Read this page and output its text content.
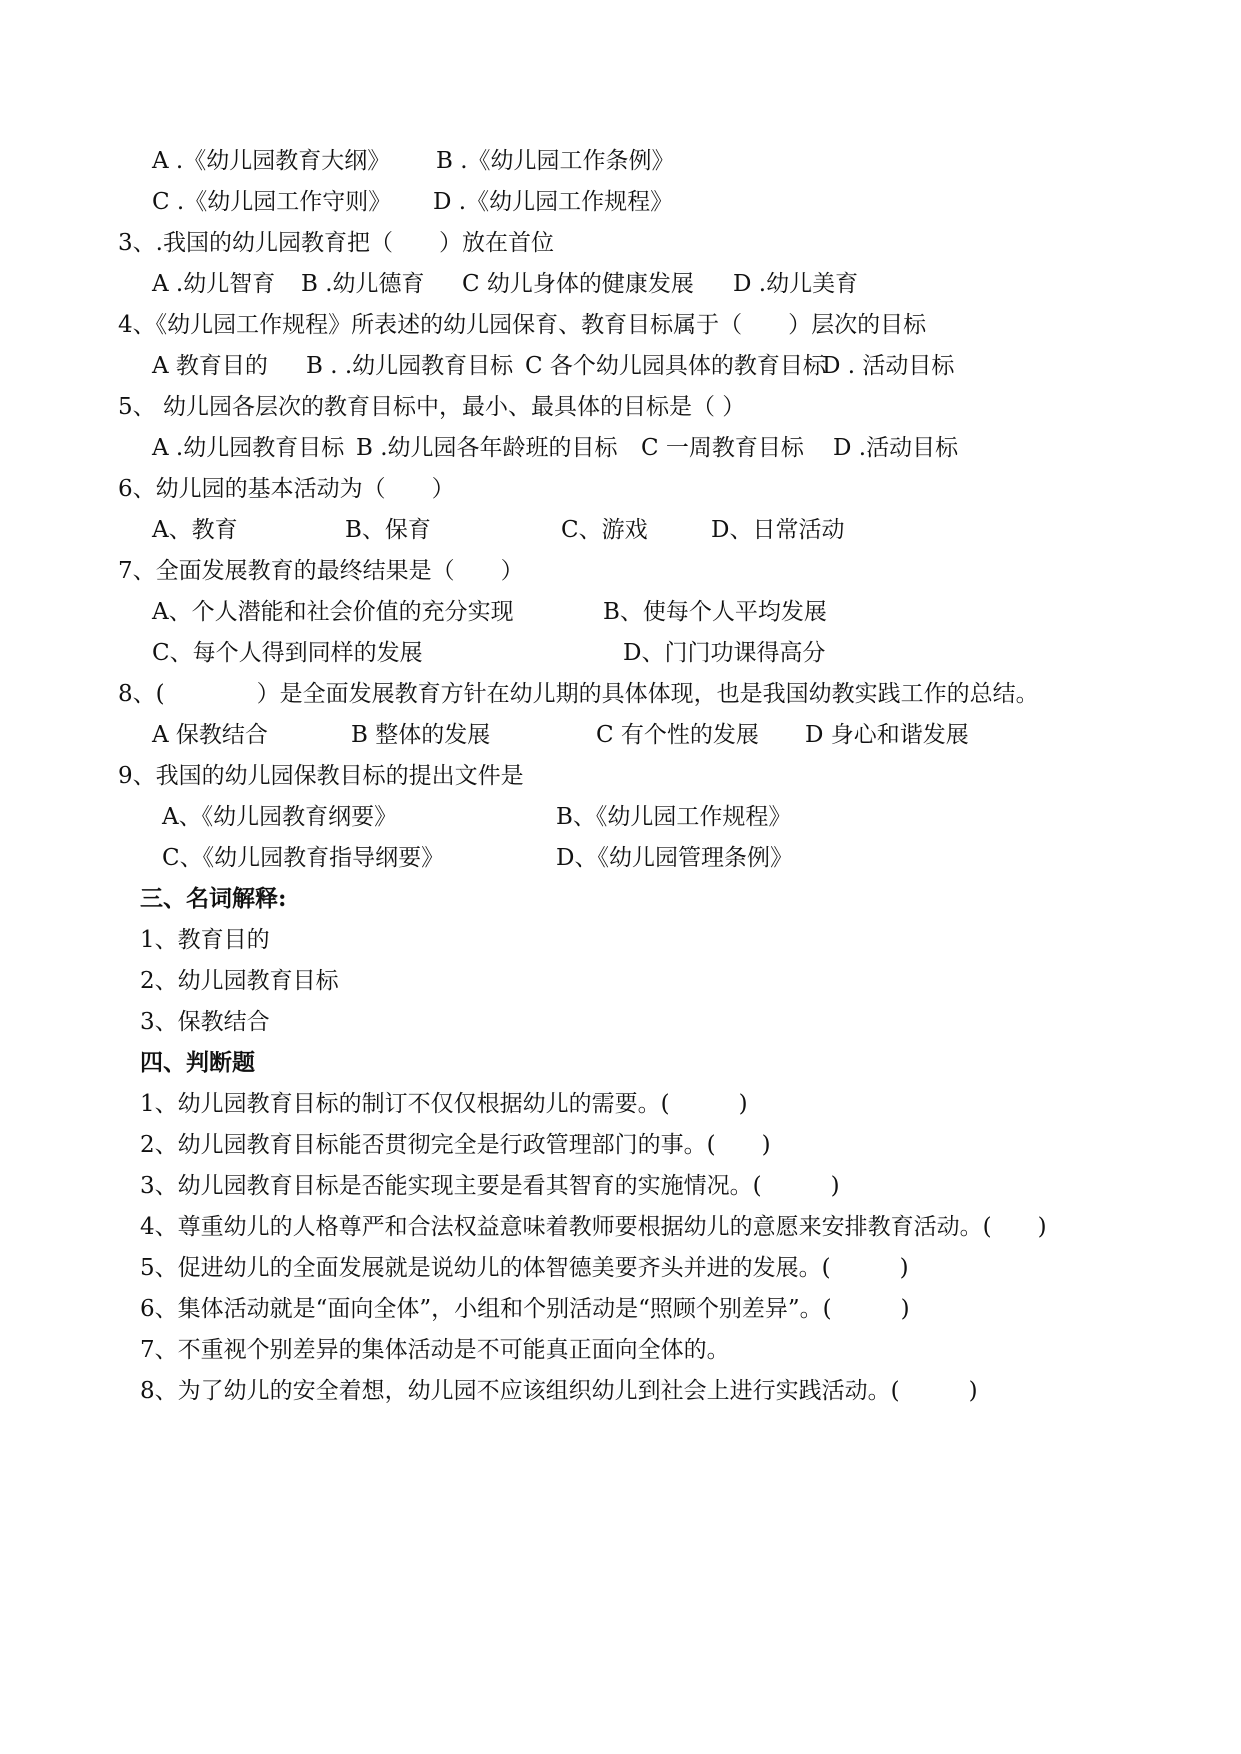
A .《幼儿园教育大纲》 B .《幼儿园工作条例》
C .《幼儿园工作守则》 D .《幼儿园工作规程》
3、.我国的幼儿园教育把（　　）放在首位
A .幼儿智育 B .幼儿德育 C 幼儿身体的健康发展 D .幼儿美育
4、《幼儿园工作规程》所表述的幼儿园保育、教育目标属于（　　）层次的目标
A 教育目的 B . .幼儿园教育目标 C 各个幼儿园具体的教育目标
D . 活动目标
5、 幼儿园各层次的教育目标中，最小、最具体的目标是（ ）
A .幼儿园教育目标 B .幼儿园各年龄班的目标 C 一周教育目标 D .活动目标
6、幼儿园的基本活动为（　　）
A、教育	B、保育	C、游戏	D、日常活动
7、全面发展教育的最终结果是（　　）
A、个人潜能和社会价值的充分实现	B、使每个人平均发展
C、每个人得到同样的发展	D、门门功课得高分
8、(　　　　）是全面发展教育方针在幼儿期的具体体现，也是我国幼教实践工作的总结。
A 保教结合	B 整体的发展	C 有个性的发展 D 身心和谐发展
9、我国的幼儿园保教目标的提出文件是
A、《幼儿园教育纲要》	B、《幼儿园工作规程》
C、《幼儿园教育指导纲要》	D、《幼儿园管理条例》
三、名词解释:
1、教育目的
2、幼儿园教育目标
3、保教结合
四、判断题
1、幼儿园教育目标的制订不仅仅根据幼儿的需要。(　　　)
2、幼儿园教育目标能否贯彻完全是行政管理部门的事。(　　)
3、幼儿园教育目标是否能实现主要是看其智育的实施情况。(　　　)
4、尊重幼儿的人格尊严和合法权益意味着教师要根据幼儿的意愿来安排教育活动。(　　)
5、促进幼儿的全面发展就是说幼儿的体智德美要齐头并进的发展。(　　　)
6、集体活动就是“面向全体”，小组和个别活动是“照顾个别差异”。(　　　)
7、不重视个别差异的集体活动是不可能真正面向全体的。
8、为了幼儿的安全着想，幼儿园不应该组织幼儿到社会上进行实践活动。(　　　)
